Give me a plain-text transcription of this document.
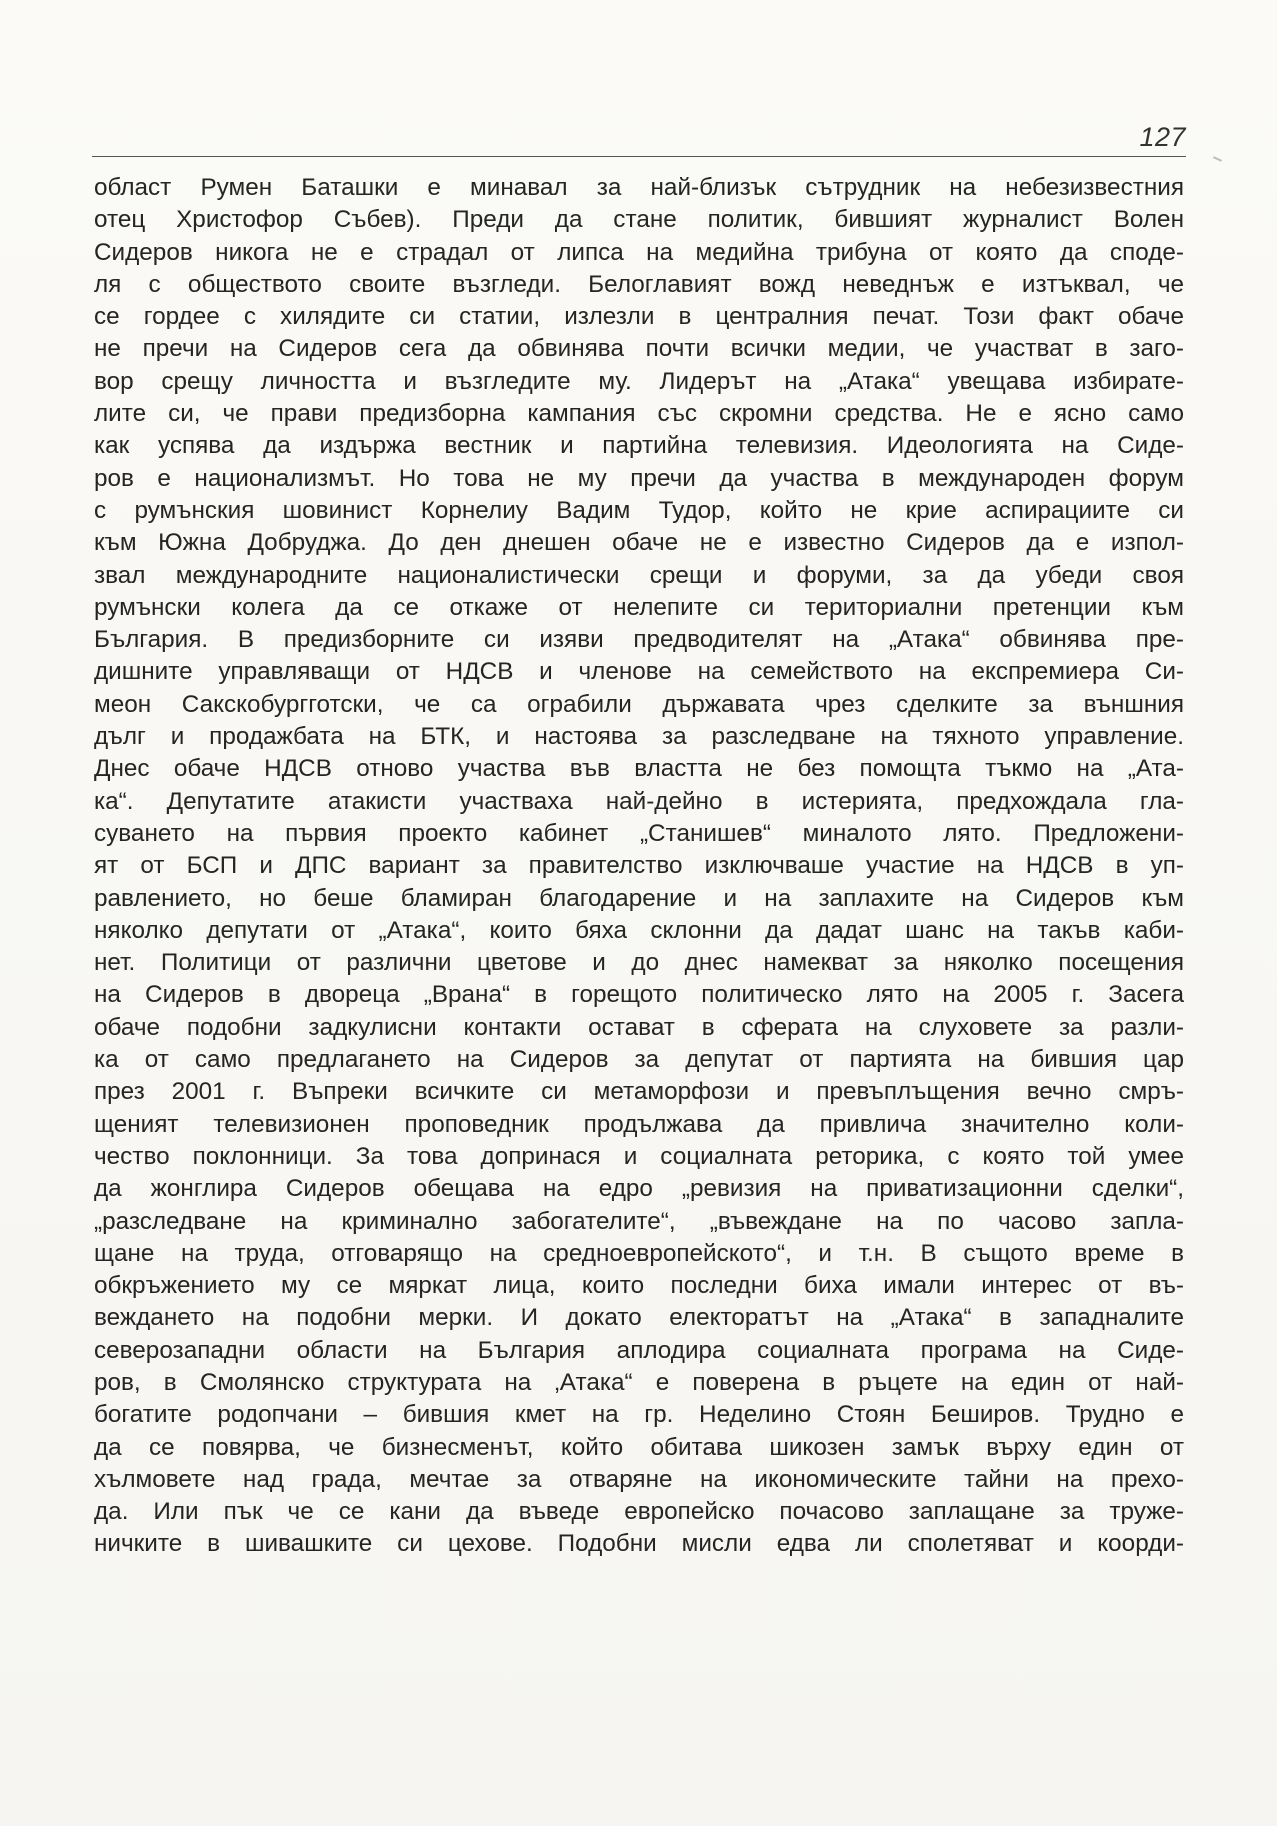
127
област Румен Баташки е минавал за най-близък сътрудник на небезизвестния
отец Христофор Събев). Преди да стане политик, бившият журналист Волен
Сидеров никога не е страдал от липса на медийна трибуна от която да споде-
ля с обществото своите възгледи. Белоглавият вожд неведнъж е изтъквал, че
се гордее с хилядите си статии, излезли в централния печат. Този факт обаче
не пречи на Сидеров сега да обвинява почти всички медии, че участват в заго-
вор срещу личността и възгледите му. Лидерът на „Атака“ увещава избирате-
лите си, че прави предизборна кампания със скромни средства. Не е ясно само
как успява да издържа вестник и партийна телевизия. Идеологията на Сиде-
ров е национализмът. Но това не му пречи да участва в международен форум
с румънския шовинист Корнелиу Вадим Тудор, който не крие аспирациите си
към Южна Добруджа. До ден днешен обаче не е известно Сидеров да е изпол-
звал международните националистически срещи и форуми, за да убеди своя
румънски колега да се откаже от нелепите си териториални претенции към
България. В предизборните си изяви предводителят на „Атака“ обвинява пре-
дишните управляващи от НДСВ и членове на семейството на експремиера Си-
меон Сакскобургготски, че са ограбили държавата чрез сделките за външния
дълг и продажбата на БТК, и настоява за разследване на тяхното управление.
Днес обаче НДСВ отново участва във властта не без помощта тъкмо на „Ата-
ка“. Депутатите атакисти участваха най-дейно в истерията, предхождала гла-
суването на първия проекто кабинет „Станишев“ миналото лято. Предложени-
ят от БСП и ДПС вариант за правителство изключваше участие на НДСВ в уп-
равлението, но беше бламиран благодарение и на заплахите на Сидеров към
няколко депутати от „Атака“, които бяха склонни да дадат шанс на такъв каби-
нет. Политици от различни цветове и до днес намекват за няколко посещения
на Сидеров в двореца „Врана“ в горещото политическо лято на 2005 г. Засега
обаче подобни задкулисни контакти остават в сферата на слуховете за разли-
ка от само предлагането на Сидеров за депутат от партията на бившия цар
през 2001 г. Въпреки всичките си метаморфози и превъплъщения вечно смръ-
щеният телевизионен проповедник продължава да привлича значително коли-
чество поклонници. За това допринася и социалната реторика, с която той умее
да жонглира Сидеров обещава на едро „ревизия на приватизационни сделки“,
„разследване на криминално забогателите“, „въвеждане на по часово запла-
щане на труда, отговарящо на средноевропейското“, и т.н. В същото време в
обкръжението му се мяркат лица, които последни биха имали интерес от въ-
веждането на подобни мерки. И докато електоратът на „Атака“ в западналите
северозападни области на България аплодира социалната програма на Сиде-
ров, в Смолянско структурата на ‚Атака“ е поверена в ръцете на един от най-
богатите родопчани – бившия кмет на гр. Неделино Стоян Беширов. Трудно е
да се повярва, че бизнесменът, който обитава шикозен замък върху един от
хълмовете над града, мечтае за отваряне на икономическите тайни на прехо-
да. Или пък че се кани да въведе европейско почасово заплащане за труже-
ничките в шивашките си цехове. Подобни мисли едва ли сполетяват и коорди-
